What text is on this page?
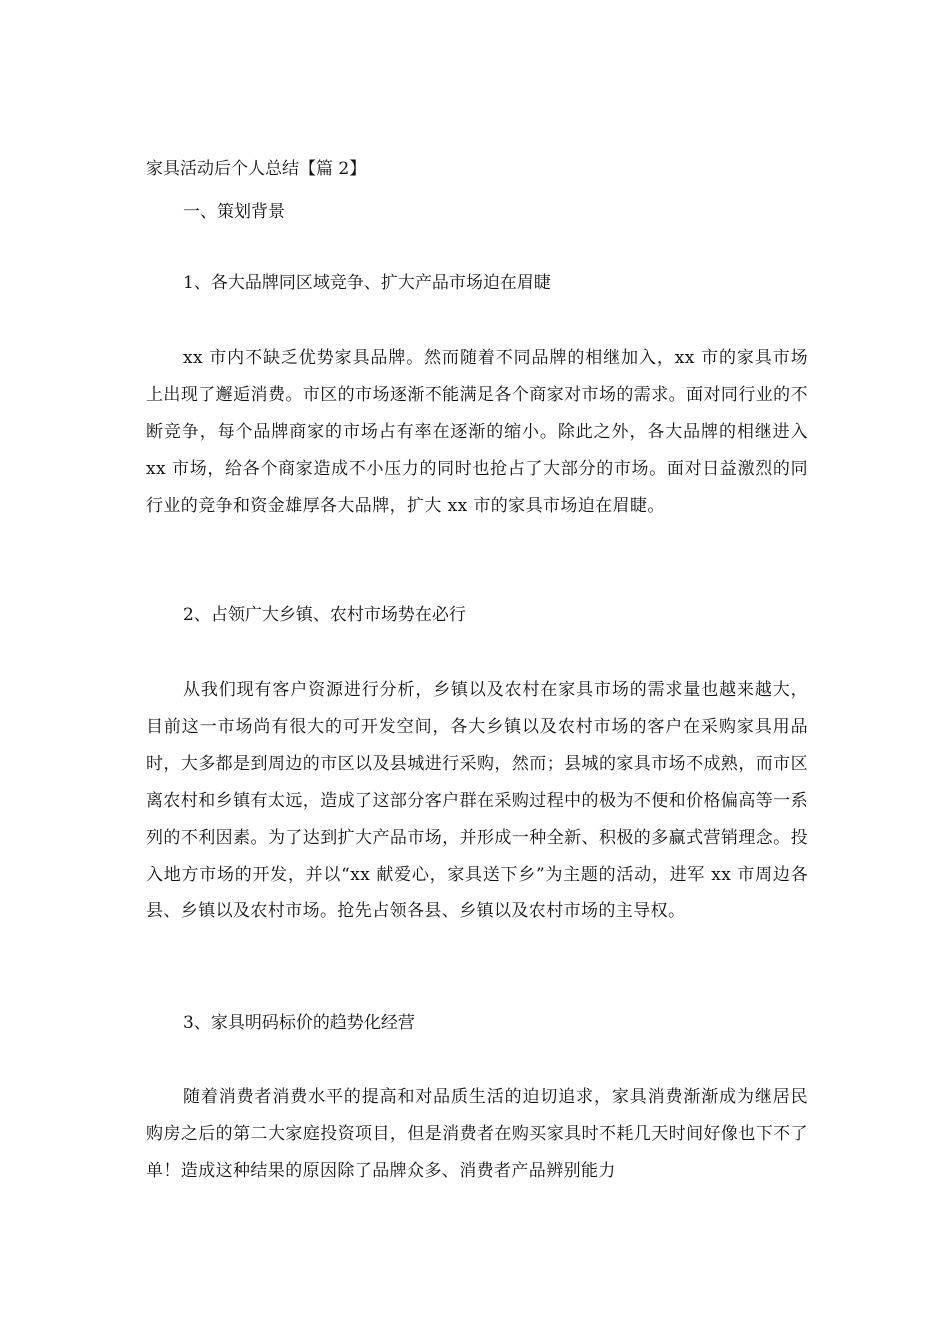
家具活动后个人总结【篇 2】
一、策划背景
1、各大品牌同区域竞争、扩大产品市场迫在眉睫
xx 市内不缺乏优势家具品牌。然而随着不同品牌的相继加入，xx 市的家具市场上出现了邂逅消费。市区的市场逐渐不能满足各个商家对市场的需求。面对同行业的不断竞争，每个品牌商家的市场占有率在逐渐的缩小。除此之外，各大品牌的相继进入 xx 市场，给各个商家造成不小压力的同时也抢占了大部分的市场。面对日益激烈的同行业的竞争和资金雄厚各大品牌，扩大 xx 市的家具市场迫在眉睫。
2、占领广大乡镇、农村市场势在必行
从我们现有客户资源进行分析，乡镇以及农村在家具市场的需求量也越来越大，目前这一市场尚有很大的可开发空间，各大乡镇以及农村市场的客户在采购家具用品时，大多都是到周边的市区以及县城进行采购，然而；县城的家具市场不成熟，而市区离农村和乡镇有太远，造成了这部分客户群在采购过程中的极为不便和价格偏高等一系列的不利因素。为了达到扩大产品市场，并形成一种全新、积极的多赢式营销理念。投入地方市场的开发，并以“xx 献爱心，家具送下乡”为主题的活动，进军 xx 市周边各县、乡镇以及农村市场。抢先占领各县、乡镇以及农村市场的主导权。
3、家具明码标价的趋势化经营
随着消费者消费水平的提高和对品质生活的迫切追求，家具消费渐渐成为继居民购房之后的第二大家庭投资项目，但是消费者在购买家具时不耗几天时间好像也下不了单！造成这种结果的原因除了品牌众多、消费者产品辨别能力
